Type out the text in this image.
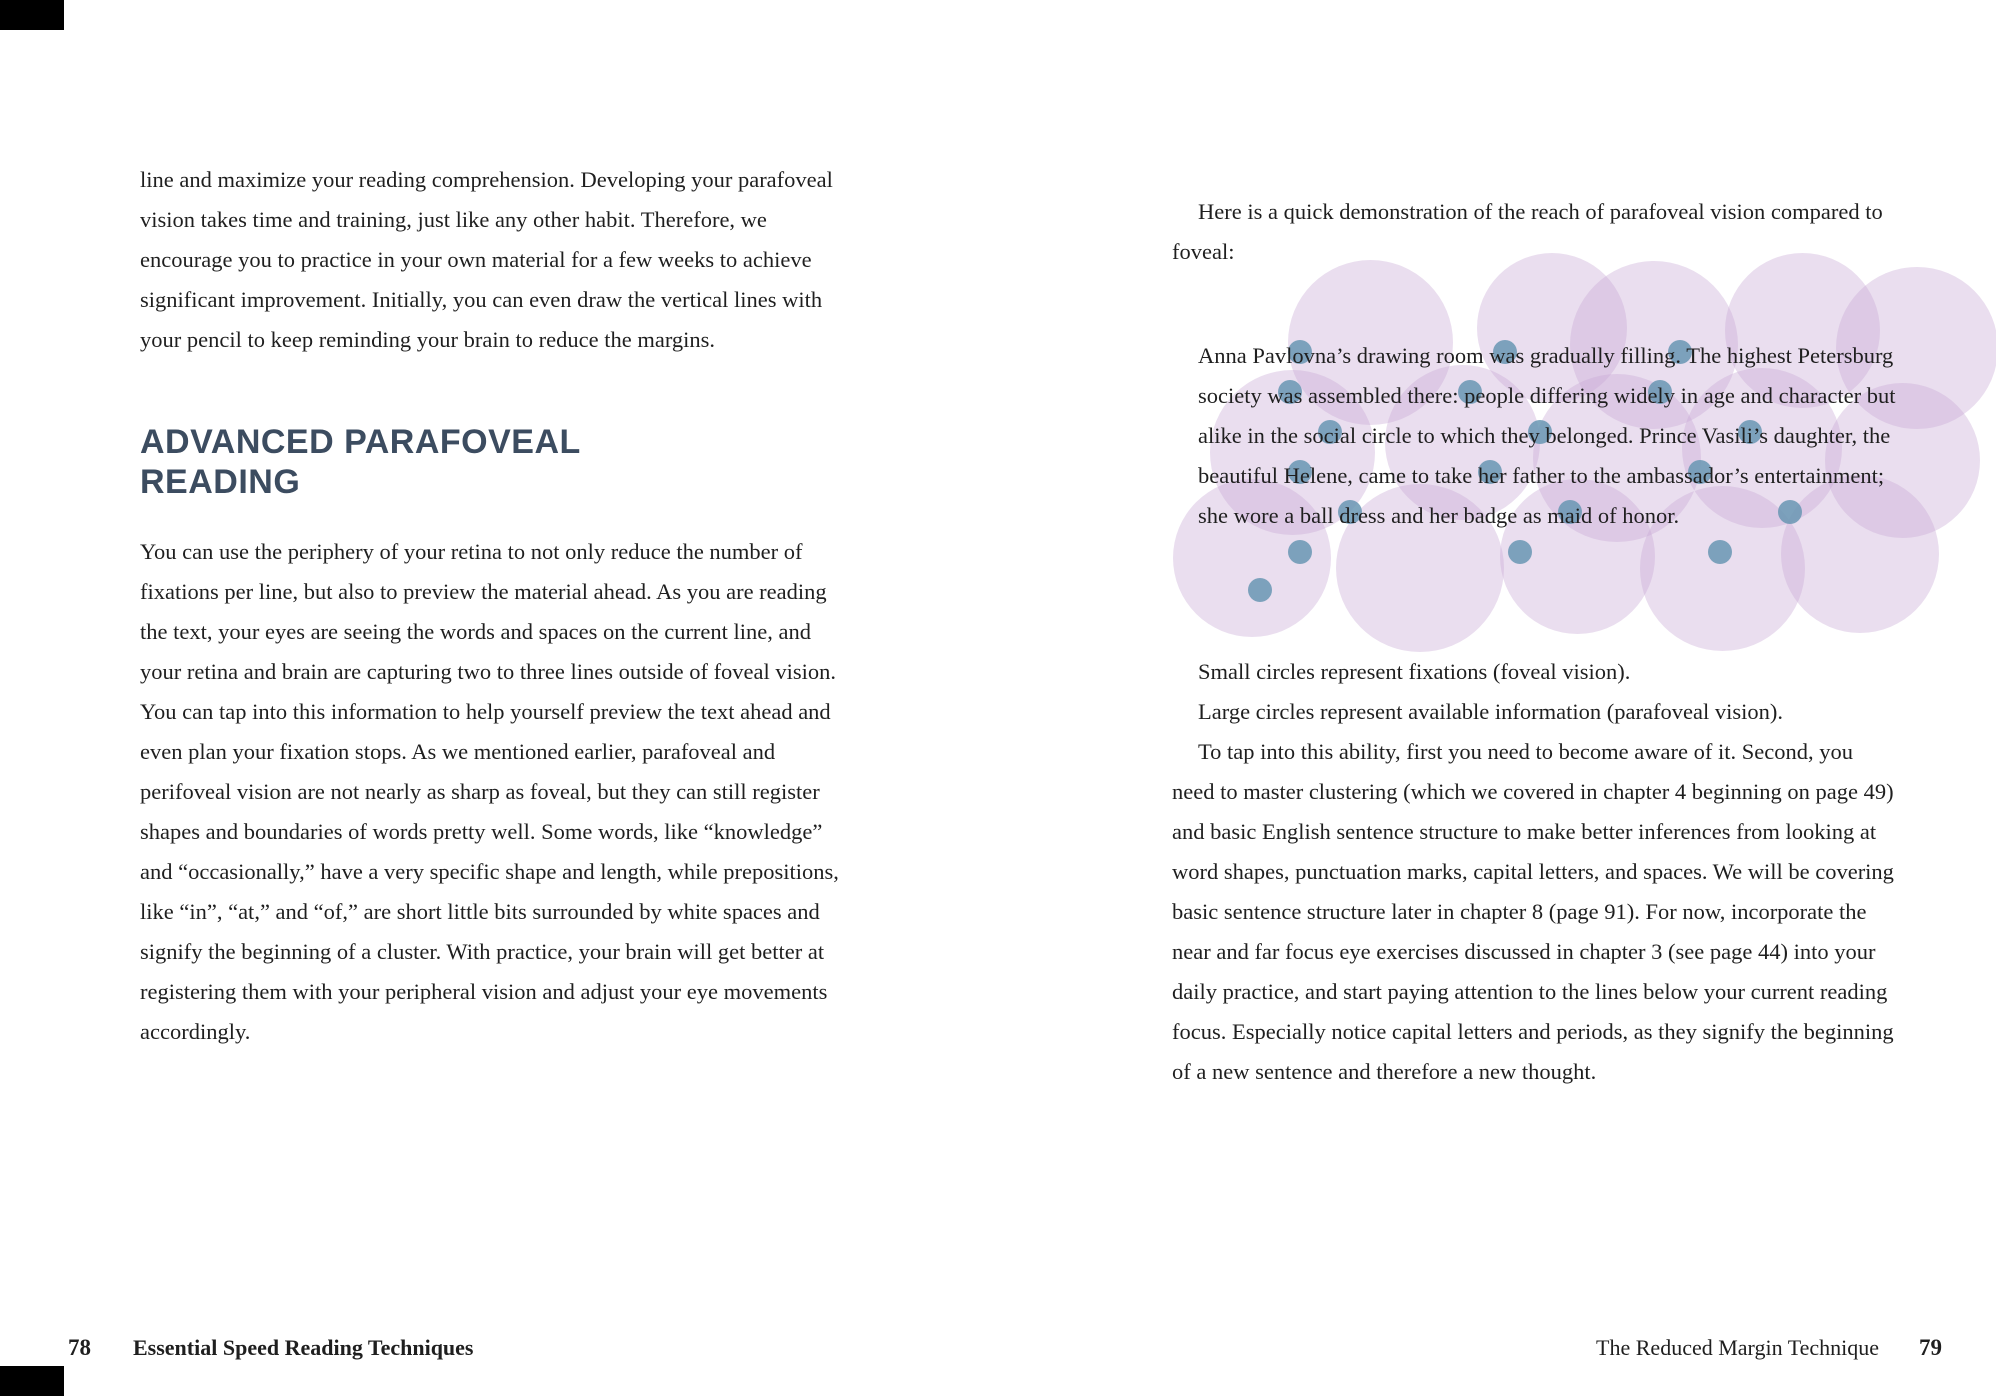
line and maximize your reading comprehension. Developing your parafoveal vision takes time and training, just like any other habit. Therefore, we encourage you to practice in your own material for a few weeks to achieve significant improvement. Initially, you can even draw the vertical lines with your pencil to keep reminding your brain to reduce the margins.

ADVANCED PARAFOVEAL READING

You can use the periphery of your retina to not only reduce the number of fixations per line, but also to preview the material ahead. As you are reading the text, your eyes are seeing the words and spaces on the current line, and your retina and brain are capturing two to three lines outside of foveal vision. You can tap into this information to help yourself preview the text ahead and even plan your fixation stops. As we mentioned earlier, parafoveal and perifoveal vision are not nearly as sharp as foveal, but they can still register shapes and boundaries of words pretty well. Some words, like “knowledge” and “occasionally,” have a very specific shape and length, while prepositions, like “in”, “at,” and “of,” are short little bits surrounded by white spaces and signify the beginning of a cluster. With practice, your brain will get better at registering them with your peripheral vision and adjust your eye movements accordingly.

Here is a quick demonstration of the reach of parafoveal vision compared to foveal:

Anna Pavlovna’s drawing room was gradually filling. The highest Petersburg society was assembled there: people differing widely in age and character but alike in the social circle to which they belonged. Prince Vasili’s daughter, the beautiful Helene, came to take her father to the ambassador’s entertainment; she wore a ball dress and her badge as maid of honor.

Small circles represent fixations (foveal vision).

Large circles represent available information (parafoveal vision).

To tap into this ability, first you need to become aware of it. Second, you need to master clustering (which we covered in chapter 4 beginning on page 49) and basic English sentence structure to make better inferences from looking at word shapes, punctuation marks, capital letters, and spaces. We will be covering basic sentence structure later in chapter 8 (page 91). For now, incorporate the near and far focus eye exercises discussed in chapter 3 (see page 44) into your daily practice, and start paying attention to the lines below your current reading focus. Especially notice capital letters and periods, as they signify the beginning of a new sentence and therefore a new thought.

78 Essential Speed Reading Techniques	The Reduced Margin Technique 79
